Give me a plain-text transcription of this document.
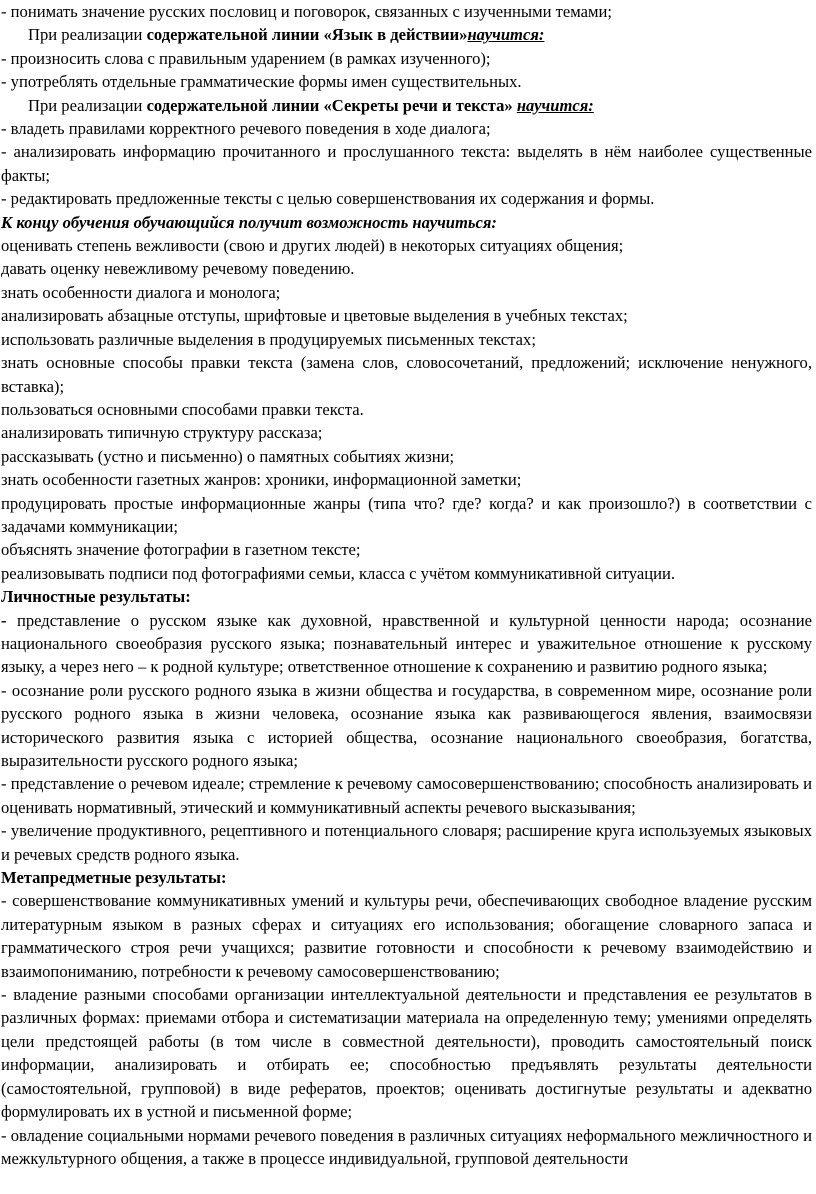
- понимать значение русских пословиц и поговорок, связанных с изученными темами;

При реализации содержательной линии «Язык в действии»научится:

- произносить слова с правильным ударением (в рамках изученного);

- употреблять отдельные грамматические формы имен существительных.

При реализации содержательной линии «Секреты речи и текста» научится:

- владеть правилами корректного речевого поведения в ходе диалога;

- анализировать информацию прочитанного и прослушанного текста: выделять в нём наиболее существенные факты;

- редактировать предложенные тексты с целью совершенствования их содержания и формы.

К концу обучения обучающийся получит возможность научиться:

оценивать степень вежливости (свою и других людей) в некоторых ситуациях общения;

давать оценку невежливому речевому поведению.

знать особенности диалога и монолога;

анализировать абзацные отступы, шрифтовые и цветовые выделения в учебных текстах;

использовать различные выделения в продуцируемых письменных текстах;

знать основные способы правки текста (замена слов, словосочетаний, предложений; исключение ненужного, вставка);

пользоваться основными способами правки текста.

анализировать типичную структуру рассказа;

рассказывать (устно и письменно) о памятных событиях жизни;

знать особенности газетных жанров: хроники, информационной заметки;

продуцировать простые информационные жанры (типа что? где? когда? и как произошло?) в соответствии с задачами коммуникации;

объяснять значение фотографии в газетном тексте;

реализовывать подписи под фотографиями семьи, класса с учётом коммуникативной ситуации.

Личностные результаты:

- представление о русском языке как духовной, нравственной и культурной ценности народа; осознание национального своеобразия русского языка; познавательный интерес и уважительное отношение к русскому языку, а через него – к родной культуре; ответственное отношение к сохранению и развитию родного языка;

- осознание роли русского родного языка в жизни общества и государства, в современном мире, осознание роли русского родного языка в жизни человека, осознание языка как развивающегося явления, взаимосвязи исторического развития языка с историей общества, осознание национального своеобразия, богатства, выразительности русского родного языка;

- представление о речевом идеале; стремление к речевому самосовершенствованию; способность анализировать и оценивать нормативный, этический и коммуникативный аспекты речевого высказывания;

- увеличение продуктивного, рецептивного и потенциального словаря; расширение круга используемых языковых и речевых средств родного языка.

Метапредметные результаты:

- совершенствование коммуникативных умений и культуры речи, обеспечивающих свободное владение русским литературным языком в разных сферах и ситуациях его использования; обогащение словарного запаса и грамматического строя речи учащихся; развитие готовности и способности к речевому взаимодействию и взаимопониманию, потребности к речевому самосовершенствованию;

- владение разными способами организации интеллектуальной деятельности и представления ее результатов в различных формах: приемами отбора и систематизации материала на определенную тему; умениями определять цели предстоящей работы (в том числе в совместной деятельности), проводить самостоятельный поиск информации, анализировать и отбирать ее; способностью предъявлять результаты деятельности (самостоятельной, групповой) в виде рефератов, проектов; оценивать достигнутые результаты и адекватно формулировать их в устной и письменной форме;

- овладение социальными нормами речевого поведения в различных ситуациях неформального межличностного и межкультурного общения, а также в процессе индивидуальной, групповой деятельности
